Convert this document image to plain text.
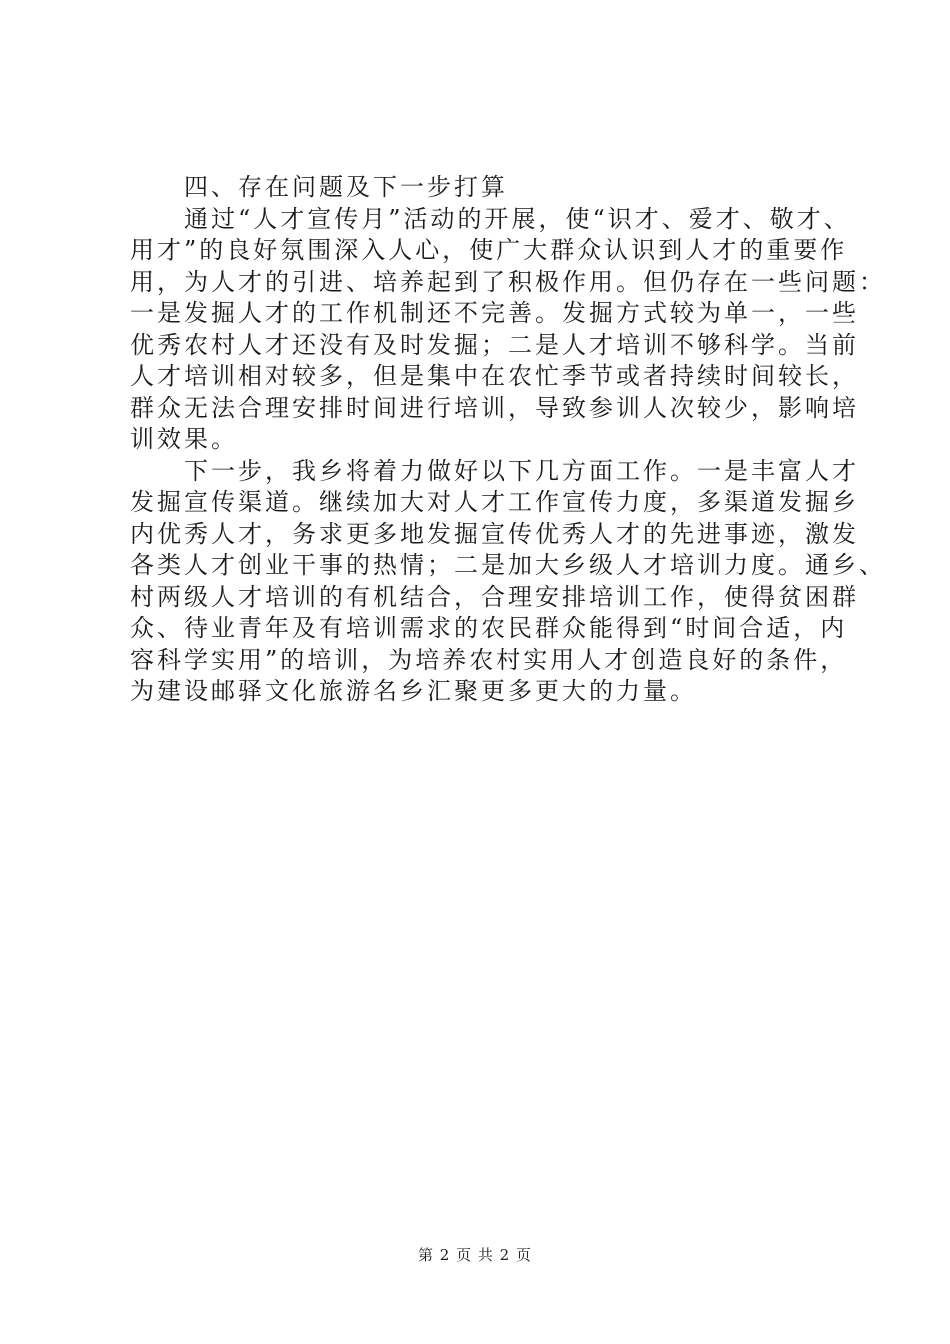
四、存在问题及下一步打算
通过“人才宣传月”活动的开展，使“识才、爱才、敬才、
用才”的良好氛围深入人心，使广大群众认识到人才的重要作
用，为人才的引进、培养起到了积极作用。但仍存在一些问题：
一是发掘人才的工作机制还不完善。发掘方式较为单一，一些
优秀农村人才还没有及时发掘；二是人才培训不够科学。当前
人才培训相对较多，但是集中在农忙季节或者持续时间较长，
群众无法合理安排时间进行培训，导致参训人次较少，影响培
训效果。
下一步，我乡将着力做好以下几方面工作。一是丰富人才
发掘宣传渠道。继续加大对人才工作宣传力度，多渠道发掘乡
内优秀人才，务求更多地发掘宣传优秀人才的先进事迹，激发
各类人才创业干事的热情；二是加大乡级人才培训力度。通乡、
村两级人才培训的有机结合，合理安排培训工作，使得贫困群
众、待业青年及有培训需求的农民群众能得到“时间合适，内
容科学实用”的培训，为培养农村实用人才创造良好的条件，
为建设邮驿文化旅游名乡汇聚更多更大的力量。
第 2 页 共 2 页
